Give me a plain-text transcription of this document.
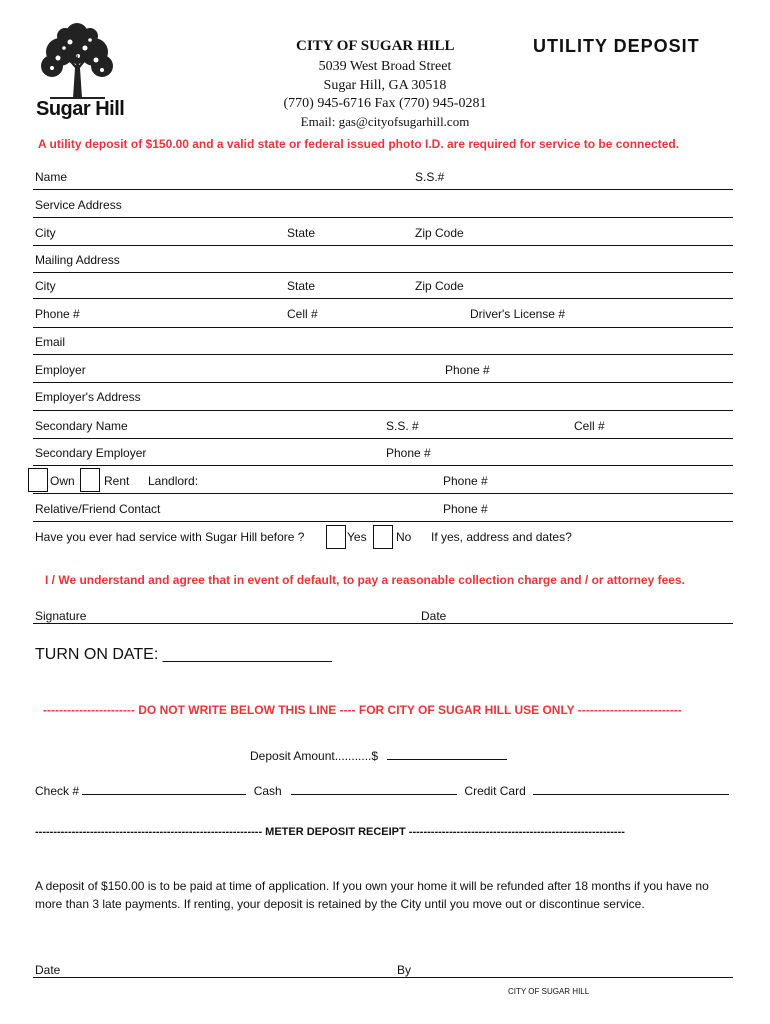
Sugar Hill
CITY OF SUGAR HILL	UTILITY DEPOSIT
5039 West Broad Street
Sugar Hill, GA 30518
(770) 945-6716 Fax (770) 945-0281
Email: gas@cityofsugarhill.com
A utility deposit of $150.00 and a valid state or federal issued photo I.D. are required for service to be connected.
Name	S.S.#
Service Address
City	State	Zip Code
Mailing Address
City	State	Zip Code
Phone #	Cell #	Driver's License #
Email
Employer	Phone #
Employer's Address
Secondary Name	S.S. #	Cell #
Secondary Employer	Phone #
Own Rent Landlord:	Phone #
Relative/Friend Contact	Phone #
Have you ever had service with Sugar Hill before ?	Yes No If yes, address and dates?
I / We understand and agree that in event of default, to pay a reasonable collection charge and / or attorney fees.
Signature	Date
TURN ON DATE: ___________________
----------------------- DO NOT WRITE BELOW THIS LINE ---- FOR CITY OF SUGAR HILL USE ONLY --------------------------
Deposit Amount...........$
Check #	Cash	Credit Card
-------------------------------------------------------------- METER DEPOSIT RECEIPT -----------------------------------------------------------
A deposit of $150.00 is to be paid at time of application. If you own your home it will be refunded after 18 months if you have no more than 3 late payments. If renting, your deposit is retained by the City until you move out or discontinue service.
Date	By
CITY OF SUGAR HILL
